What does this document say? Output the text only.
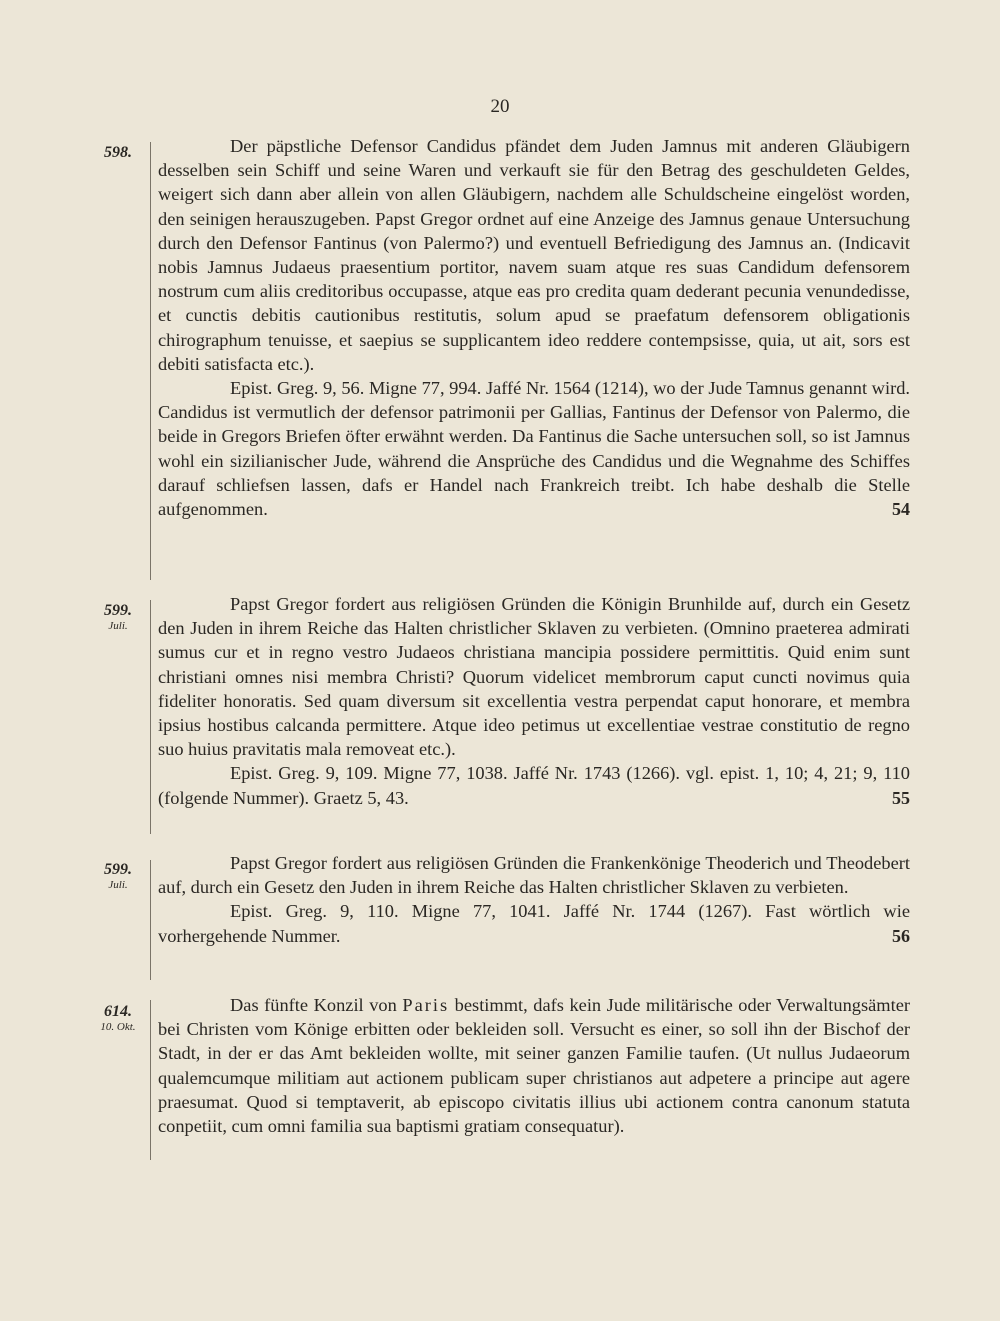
20
598.	Der päpstliche Defensor Candidus pfändet dem Juden Jamnus mit anderen Gläubigern desselben sein Schiff und seine Waren und verkauft sie für den Betrag des geschuldeten Geldes, weigert sich dann aber allein von allen Gläubigern, nachdem alle Schuldscheine eingelöst worden, den seinigen herauszugeben. Papst Gregor ordnet auf eine Anzeige des Jamnus genaue Untersuchung durch den Defensor Fantinus (von Palermo?) und eventuell Befriedigung des Jamnus an. (Indicavit nobis Jamnus Judaeus praesentium portitor, navem suam atque res suas Candidum defensorem nostrum cum aliis creditoribus occupasse, atque eas pro credita quam dederant pecunia venundedisse, et cunctis debitis cautionibus restitutis, solum apud se praefatum defensorem obligationis chirographum tenuisse, et saepius se supplicantem ideo reddere contempsisse, quia, ut ait, sors est debiti satisfacta etc.).

Epist. Greg. 9, 56. Migne 77, 994. Jaffé Nr. 1564 (1214), wo der Jude Tamnus genannt wird. Candidus ist vermutlich der defensor patrimonii per Gallias, Fantinus der Defensor von Palermo, die beide in Gregors Briefen öfter erwähnt werden. Da Fantinus die Sache untersuchen soll, so ist Jamnus wohl ein sizilianischer Jude, während die Ansprüche des Candidus und die Wegnahme des Schiffes darauf schliefsen lassen, dafs er Handel nach Frankreich treibt. Ich habe deshalb die Stelle aufgenommen.	54

599.
Juli.

Papst Gregor fordert aus religiösen Gründen die Königin Brunhilde auf, durch ein Gesetz den Juden in ihrem Reiche das Halten christlicher Sklaven zu verbieten. (Omnino praeterea admirati sumus cur et in regno vestro Judaeos christiana mancipia possidere permittitis. Quid enim sunt christiani omnes nisi membra Christi? Quorum videlicet membrorum caput cuncti novimus quia fideliter honoratis. Sed quam diversum sit excellentia vestra perpendat caput honorare, et membra ipsius hostibus calcanda permittere. Atque ideo petimus ut excellentiae vestrae constitutio de regno suo huius pravitatis mala removeat etc.).

Epist. Greg. 9, 109. Migne 77, 1038. Jaffé Nr. 1743 (1266). vgl. epist. 1, 10; 4, 21; 9, 110 (folgende Nummer). Graetz 5, 43.	55

599.
Juli.

Papst Gregor fordert aus religiösen Gründen die Frankenkönige Theoderich und Theodebert auf, durch ein Gesetz den Juden in ihrem Reiche das Halten christlicher Sklaven zu verbieten.

Epist. Greg. 9, 110. Migne 77, 1041. Jaffé Nr. 1744 (1267). Fast wörtlich wie vorhergehende Nummer.	56

614.
10. Okt.

Das fünfte Konzil von Paris bestimmt, dafs kein Jude militärische oder Verwaltungsämter bei Christen vom Könige erbitten oder bekleiden soll. Versucht es einer, so soll ihn der Bischof der Stadt, in der er das Amt bekleiden wollte, mit seiner ganzen Familie taufen. (Ut nullus Judaeorum qualemcumque militiam aut actionem publicam super christianos aut adpetere a principe aut agere praesumat. Quod si temptaverit, ab episcopo civitatis illius ubi actionem contra canonum statuta conpetiit, cum omni familia sua baptismi gratiam consequatur).
